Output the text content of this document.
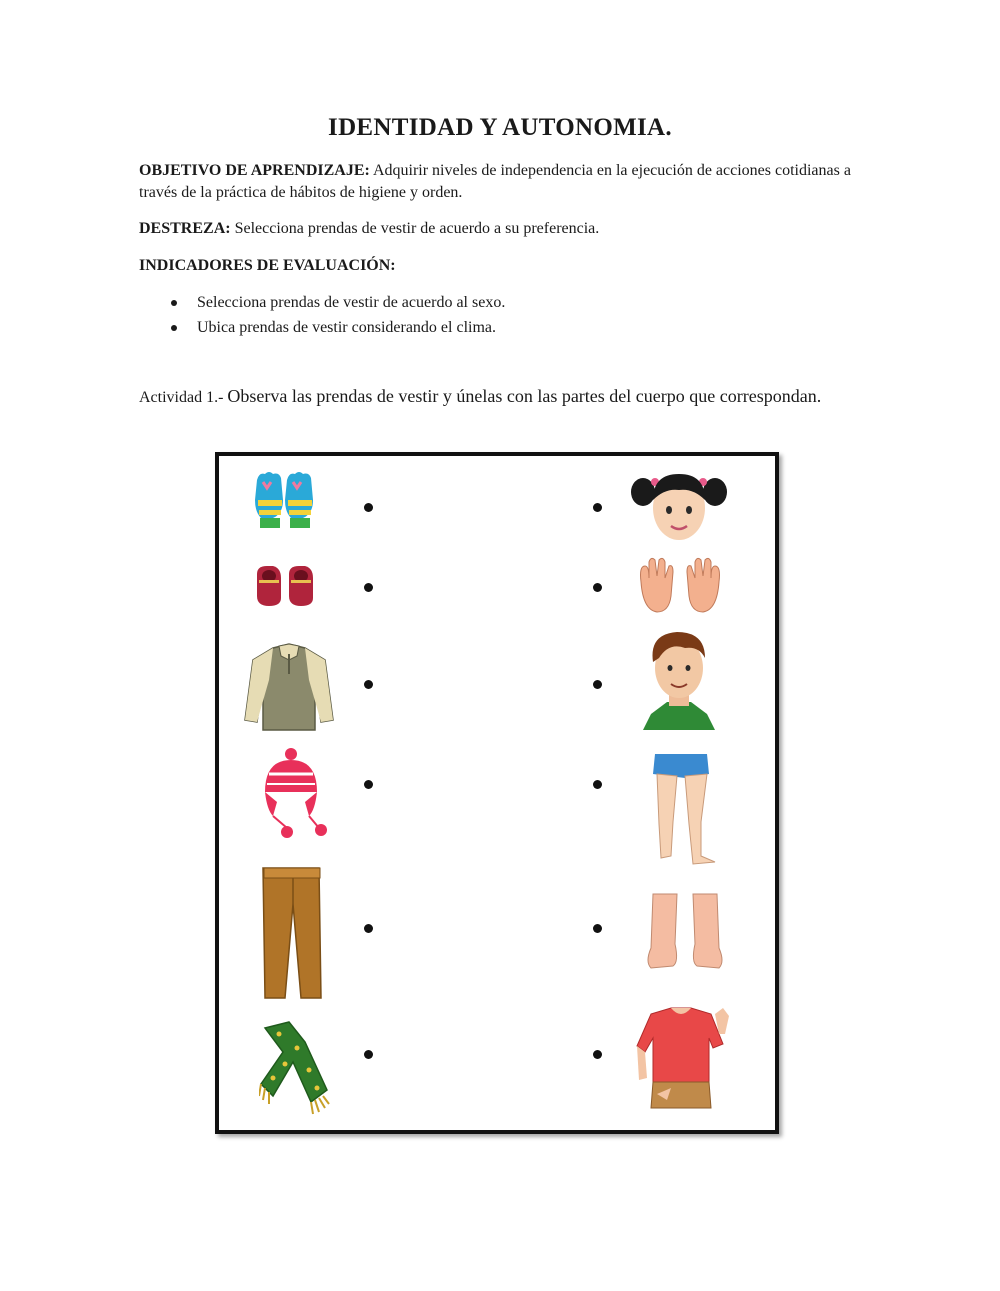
IDENTIDAD Y AUTONOMIA.

OBJETIVO DE APRENDIZAJE: Adquirir niveles de independencia en la ejecución de acciones cotidianas a través de la práctica de hábitos de higiene y orden.

DESTREZA: Selecciona prendas de vestir de acuerdo a su preferencia.

INDICADORES DE EVALUACIÓN:

Selecciona prendas de vestir de acuerdo al sexo.
Ubica prendas de vestir considerando el clima.

Actividad 1.- Observa las prendas de vestir y únelas con las partes del cuerpo que correspondan.
